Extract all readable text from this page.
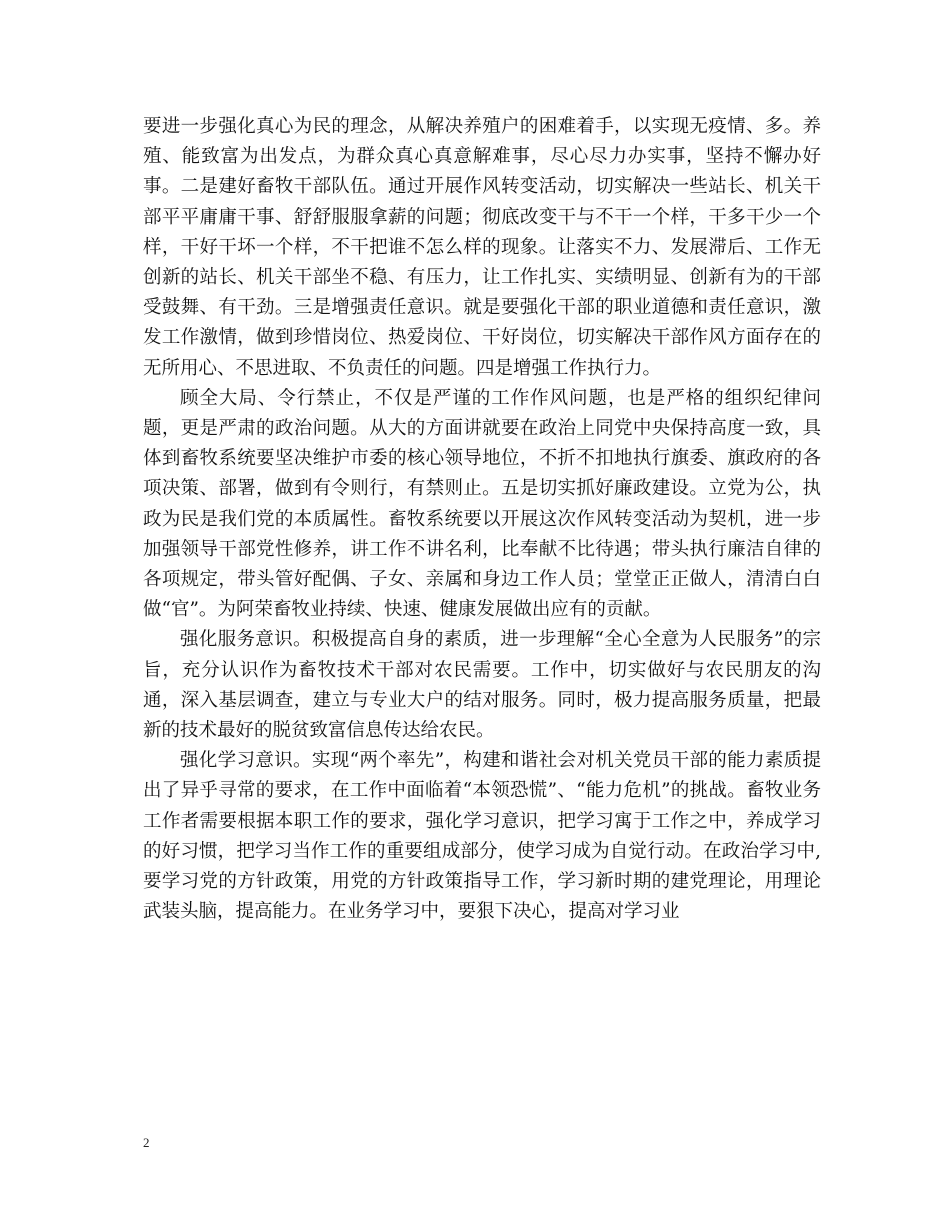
要进一步强化真心为民的理念，从解决养殖户的困难着手，以实现无疫情、多。养殖、能致富为出发点，为群众真心真意解难事，尽心尽力办实事，坚持不懈办好事。二是建好畜牧干部队伍。通过开展作风转变活动，切实解决一些站长、机关干部平平庸庸干事、舒舒服服拿薪的问题；彻底改变干与不干一个样，干多干少一个样，干好干坏一个样，不干把谁不怎么样的现象。让落实不力、发展滞后、工作无创新的站长、机关干部坐不稳、有压力，让工作扎实、实绩明显、创新有为的干部受鼓舞、有干劲。三是增强责任意识。就是要强化干部的职业道德和责任意识，激发工作激情，做到珍惜岗位、热爱岗位、干好岗位，切实解决干部作风方面存在的无所用心、不思进取、不负责任的问题。四是增强工作执行力。

顾全大局、令行禁止，不仅是严谨的工作作风问题，也是严格的组织纪律问题，更是严肃的政治问题。从大的方面讲就要在政治上同党中央保持高度一致，具体到畜牧系统要坚决维护市委的核心领导地位，不折不扣地执行旗委、旗政府的各项决策、部署，做到有令则行，有禁则止。五是切实抓好廉政建设。立党为公，执政为民是我们党的本质属性。畜牧系统要以开展这次作风转变活动为契机，进一步加强领导干部党性修养，讲工作不讲名利，比奉献不比待遇；带头执行廉洁自律的各项规定，带头管好配偶、子女、亲属和身边工作人员；堂堂正正做人，清清白白做“官”。为阿荣畜牧业持续、快速、健康发展做出应有的贡献。

强化服务意识。积极提高自身的素质，进一步理解“全心全意为人民服务”的宗旨，充分认识作为畜牧技术干部对农民需要。工作中，切实做好与农民朋友的沟通，深入基层调查，建立与专业大户的结对服务。同时，极力提高服务质量，把最新的技术最好的脱贫致富信息传达给农民。

强化学习意识。实现“两个率先”，构建和谐社会对机关党员干部的能力素质提出了异乎寻常的要求，在工作中面临着“本领恐慌”、“能力危机”的挑战。畜牧业务工作者需要根据本职工作的要求，强化学习意识，把学习寓于工作之中，养成学习的好习惯，把学习当作工作的重要组成部分，使学习成为自觉行动。在政治学习中,要学习党的方针政策，用党的方针政策指导工作，学习新时期的建党理论，用理论武装头脑，提高能力。在业务学习中，要狠下决心，提高对学习业

2
